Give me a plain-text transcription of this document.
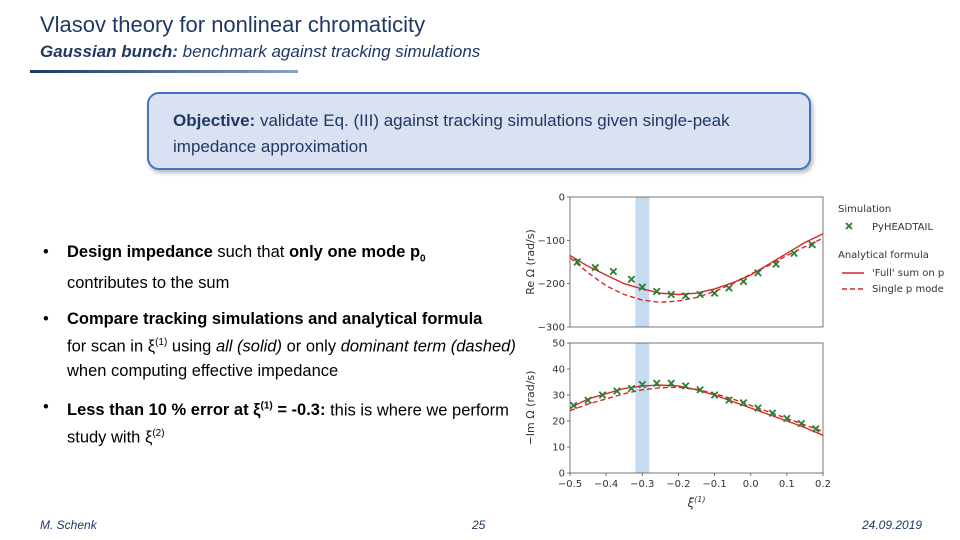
Vlasov theory for nonlinear chromaticity
Gaussian bunch: benchmark against tracking simulations
Objective: validate Eq. (III) against tracking simulations given single-peak impedance approximation
• Design impedance such that only one mode $p_0$
contributes to the sum
• Compare tracking simulations and analytical formula
for scan in $\xi^{(1)}$ using all (solid) or only dominant term (dashed) when computing effective impedance
• Less than 10 % error at $\xi^{(1)} = -0.3$: this is where we perform study with $\xi^{(2)}$
0
−100
−200
−300
Re Ω (rad/s)
0
10
20
30
40
50
−Im Ω (rad/s)
−0.5 −0.4 −0.3 −0.2 −0.1 0.0 0.1 0.2
$\xi^{(1)}$
Simulation
PyHEADTAIL
Analytical formula
'Full' sum on p
Single p mode
M. Schenk	25	24.09.2019
